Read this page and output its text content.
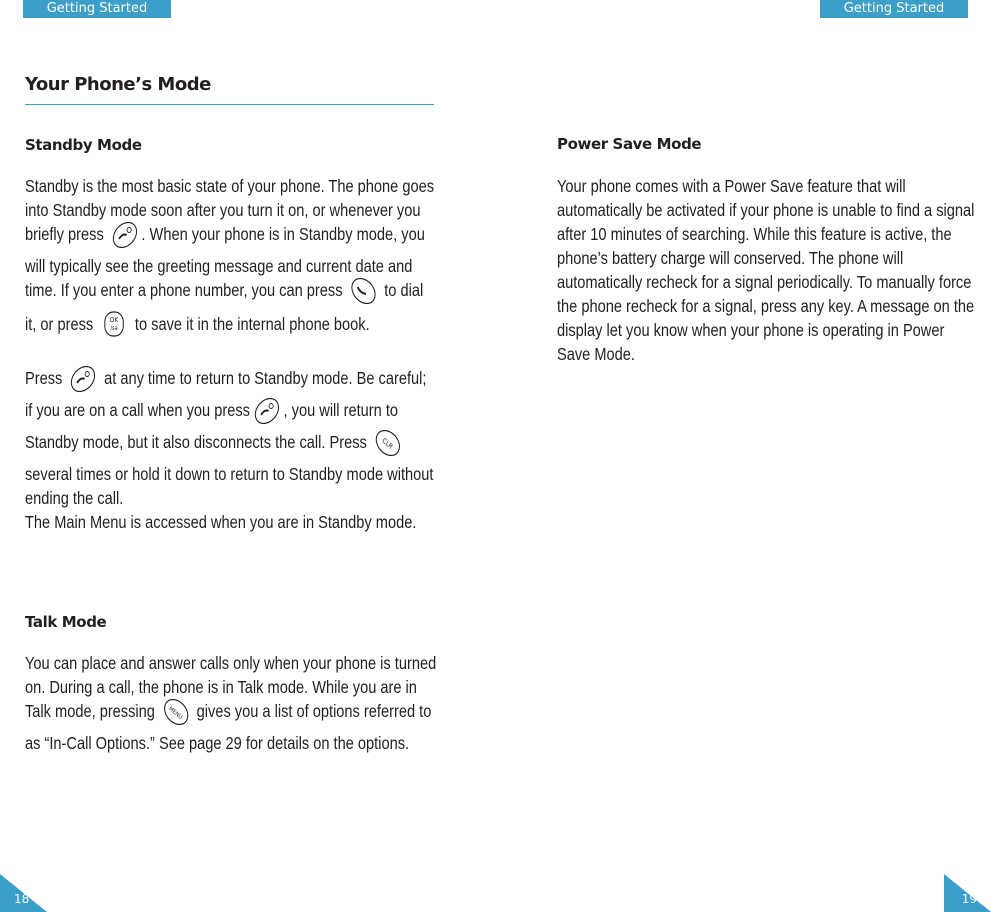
Getting Started	Getting Started
Your Phone’s Mode
Standby Mode

Standby is the most basic state of your phone. The phone goes into Standby mode soon after you turn it on, or whenever you briefly press . When your phone is in Standby mode, you will typically see the greeting message and current date and time. If you enter a phone number, you can press to dial it, or press OK
/sa to save it in the internal phone book.

Press at any time to return to Standby mode. Be careful; if you are on a call when you press , you will return to Standby mode, but it also disconnects the call. Press CLR
several times or hold it down to return to Standby mode without ending the call.

The Main Menu is accessed when you are in Standby mode.

Talk Mode

You can place and answer calls only when your phone is turned on. During a call, the phone is in Talk mode. While you are in Talk mode, pressing MENU gives you a list of options referred to as “In-Call Options.” See page 29 for details on the options.

Power Save Mode

Your phone comes with a Power Save feature that will automatically be activated if your phone is unable to find a signal after 10 minutes of searching. While this feature is active, the phone’s battery charge will conserved. The phone will automatically recheck for a signal periodically. To manually force the phone recheck for a signal, press any key. A message on the display let you know when your phone is operating in Power Save Mode.

18	19
